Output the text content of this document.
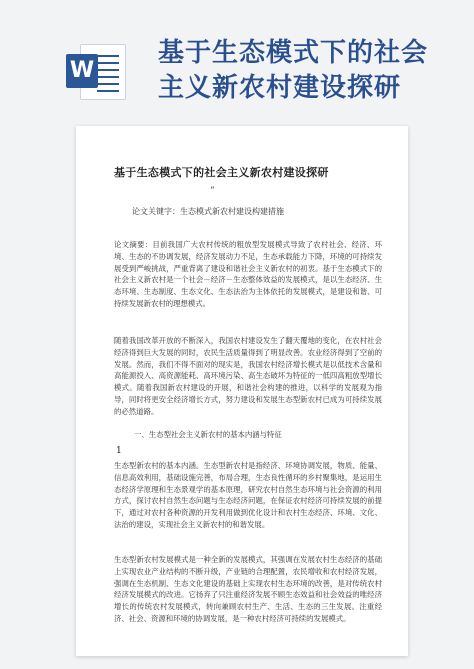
W
基于生态模式下的社会
主义新农村建设探研
基于生态模式下的社会主义新农村建设探研
“
论文关键字：生态模式新农村建设构建措施
论文摘要：目前我国广大农村传统的粗放型发展模式导致了农村社会、经济、环境、生态的不协调发展，经济发展动力不足，生态承载能力下降，环境的可持续发展受到严峻挑战，严重背离了建设和谐社会主义新农村的初衷。基于生态模式下的社会主义新农村是一个社会－经济－生态整体效益的发展模式，是以生态经济、生态环境、生态制度、生态文化、生态法治为主体依托的发展模式，是建设和谐、可持续发展新农村的理想模式。
随着我国改革开放的不断深入，我国农村建设发生了翻天覆地的变化，在农村社会经济得到巨大发展的同时，农民生活质量得到了明显改善。农业经济得到了空前的发展。然而，我们不得不面对的现实是，我国农村经济增长模式是以低技术含量和高能源投入、高资源能耗、高环境污染、高生态破坏为特征的一低四高粗放型增长模式。随着我国新农村建设的开展，和谐社会构建的推进，以科学的发展观为指导，同时将更安全经济增长方式，努力建设和发展生态型新农村已成为可持续发展的必然道路。
一、生态型社会主义新农村的基本内涵与特征
1
生态型新农村的基本内涵。生态型新农村是指经济、环境协调发展，物质、能量、信息高效利用，基础设施完善，布局合理，生态良性循环的乡村聚集地，是运用生态经济学原理和生态景观学的基本原理，研究农村自然生态环境与社会资源的利用方式，探讨农村自然生态问题与生态经济问题，在保证农村经济可持续发展的前提下，通过对农村各种资源的开发利用做到优化设计和农村生态经济、环境、文化、法治的建设，实现社会主义新农村的和谐发展。
生态型新农村发展模式是一种全新的发展模式，其强调在发展农村生态经济的基础上实现农业产业结构的不断升级，产业链的合理配置，农民增收和农村经济发展，强调在生态机制、生态文化建设的基础上实现农村生态环境的改善，是对传统农村经济发展模式的改进。它扬弃了只注重经济发展不顾生态效益和社会效益的唯经济增长的传统农村发展模式，转向兼顾农村生产、生活、生态的三生发展。注重经济、社会、资源和环境的协调发展，是一种农村经济可持续的发展模式。
